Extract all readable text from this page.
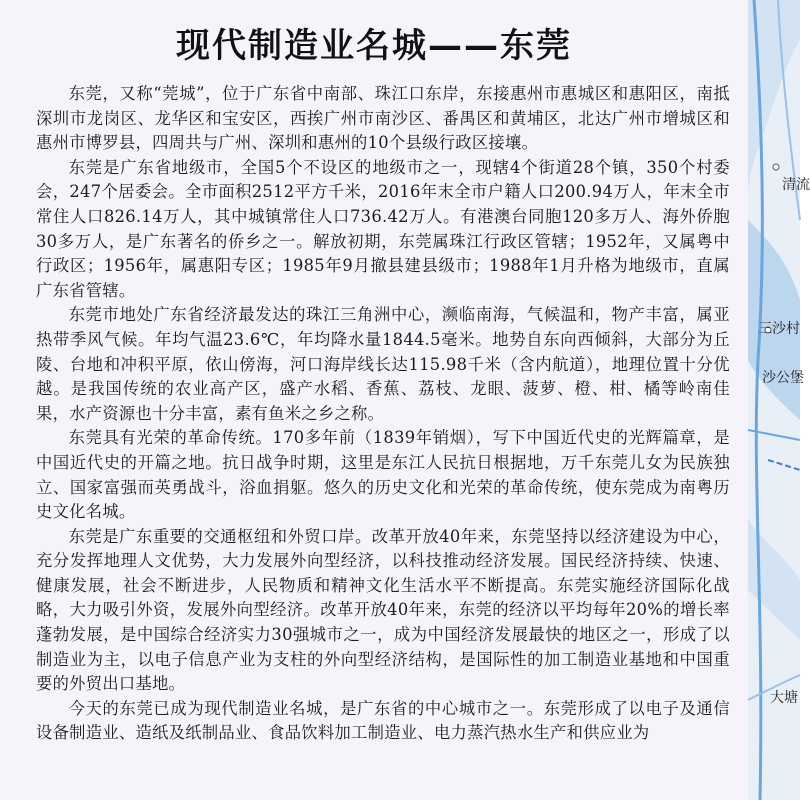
现代制造业名城——东莞

东莞，又称“莞城”，位于广东省中南部、珠江口东岸，东接惠州市惠城区和惠阳区，南抵深圳市龙岗区、龙华区和宝安区，西挨广州市南沙区、番禺区和黄埔区，北达广州市增城区和惠州市博罗县，四周共与广州、深圳和惠州的10个县级行政区接壤。

东莞是广东省地级市，全国5个不设区的地级市之一，现辖4个街道28个镇，350个村委会，247个居委会。全市面积2512平方千米，2016年末全市户籍人口200.94万人，年末全市常住人口826.14万人，其中城镇常住人口736.42万人。有港澳台同胞120多万人、海外侨胞30多万人，是广东著名的侨乡之一。解放初期，东莞属珠江行政区管辖；1952年，又属粤中行政区；1956年，属惠阳专区；1985年9月撤县建县级市；1988年1月升格为地级市，直属广东省管辖。

东莞市地处广东省经济最发达的珠江三角洲中心，濒临南海，气候温和，物产丰富，属亚热带季风气候。年均气温23.6℃，年均降水量1844.5毫米。地势自东向西倾斜，大部分为丘陵、台地和冲积平原，依山傍海，河口海岸线长达115.98千米（含内航道），地理位置十分优越。是我国传统的农业高产区，盛产水稻、香蕉、荔枝、龙眼、菠萝、橙、柑、橘等岭南佳果，水产资源也十分丰富，素有鱼米之乡之称。

东莞具有光荣的革命传统。170多年前（1839年销烟），写下中国近代史的光辉篇章，是中国近代史的开篇之地。抗日战争时期，这里是东江人民抗日根据地，万千东莞儿女为民族独立、国家富强而英勇战斗，浴血捐躯。悠久的历史文化和光荣的革命传统，使东莞成为南粤历史文化名城。

东莞是广东重要的交通枢纽和外贸口岸。改革开放40年来，东莞坚持以经济建设为中心，充分发挥地理人文优势，大力发展外向型经济，以科技推动经济发展。国民经济持续、快速、健康发展，社会不断进步，人民物质和精神文化生活水平不断提高。东莞实施经济国际化战略，大力吸引外资，发展外向型经济。改革开放40年来，东莞的经济以平均每年20%的增长率蓬勃发展，是中国综合经济实力30强城市之一，成为中国经济发展最快的地区之一，形成了以制造业为主，以电子信息产业为支柱的外向型经济结构，是国际性的加工制造业基地和中国重要的外贸出口基地。

今天的东莞已成为现代制造业名城，是广东省的中心城市之一。东莞形成了以电子及通信设备制造业、造纸及纸制品业、食品饮料加工制造业、电力蒸汽热水生产和供应业为

清流
三沙村
沙公堡
大塘
